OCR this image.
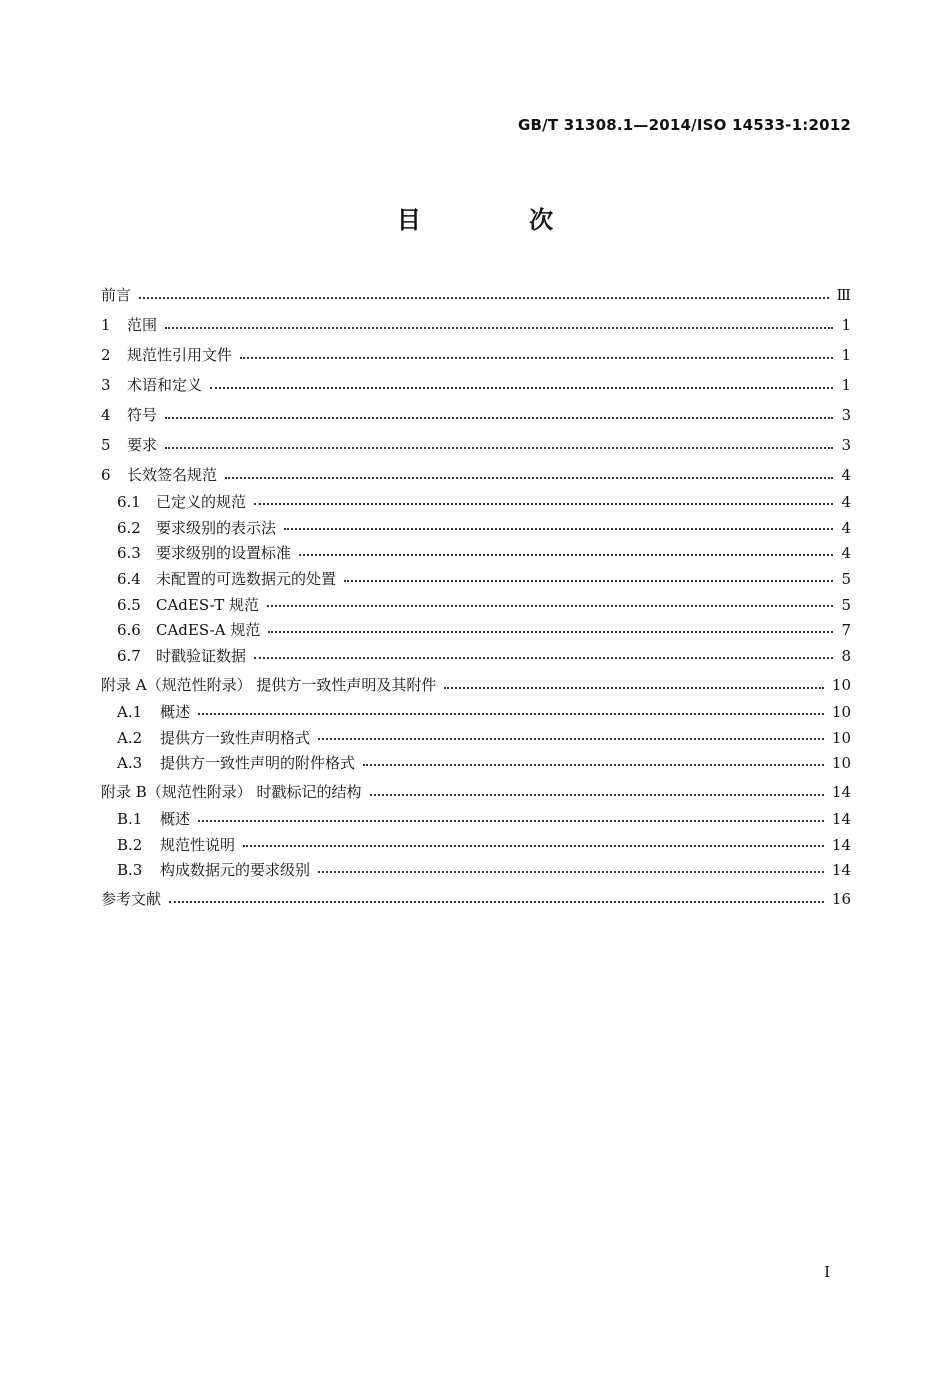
GB/T 31308.1—2014/ISO 14533-1:2012
目 次
前言	Ⅲ
1	范围	1
2	规范性引用文件	1
3	术语和定义	1
4	符号	3
5	要求	3
6	长效签名规范	4
6.1	已定义的规范	4
6.2	要求级别的表示法	4
6.3	要求级别的设置标准	4
6.4	未配置的可选数据元的处置	5
6.5	CAdES-T 规范	5
6.6	CAdES-A 规范	7
6.7	时戳验证数据	8
附录 A（规范性附录） 提供方一致性声明及其附件	10
A.1	概述	10
A.2	提供方一致性声明格式	10
A.3	提供方一致性声明的附件格式	10
附录 B（规范性附录） 时戳标记的结构	14
B.1	概述	14
B.2	规范性说明	14
B.3	构成数据元的要求级别	14
参考文献	16
I
